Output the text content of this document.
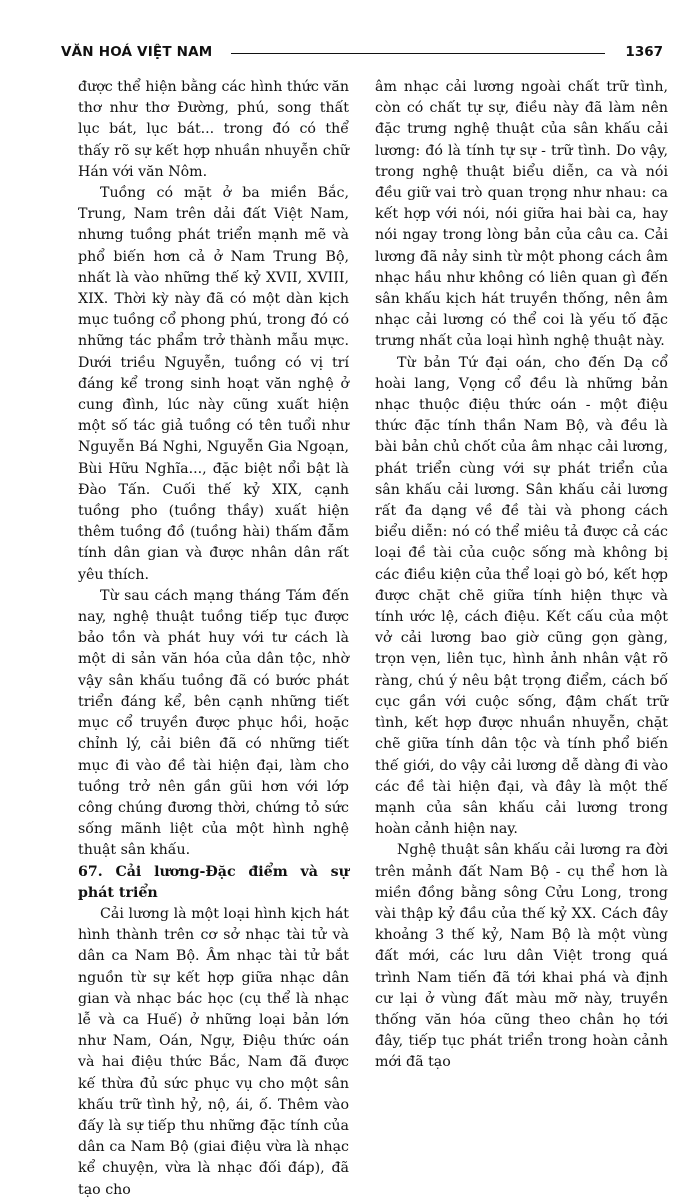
VĂN HOÁ VIỆT NAM	1367

được thể hiện bằng các hình thức văn thơ như thơ Đường, phú, song thất lục bát, lục bát... trong đó có thể thấy rõ sự kết hợp nhuần nhuyễn chữ Hán với văn Nôm.

Tuồng có mặt ở ba miền Bắc, Trung, Nam trên dải đất Việt Nam, nhưng tuồng phát triển mạnh mẽ và phổ biến hơn cả ở Nam Trung Bộ, nhất là vào những thế kỷ XVII, XVIII, XIX. Thời kỳ này đã có một dàn kịch mục tuồng cổ phong phú, trong đó có những tác phẩm trở thành mẫu mực. Dưới triều Nguyễn, tuồng có vị trí đáng kể trong sinh hoạt văn nghệ ở cung đình, lúc này cũng xuất hiện một số tác giả tuồng có tên tuổi như Nguyễn Bá Nghi, Nguyễn Gia Ngoạn, Bùi Hữu Nghĩa..., đặc biệt nổi bật là Đào Tấn. Cuối thế kỷ XIX, cạnh tuồng pho (tuồng thầy) xuất hiện thêm tuồng đồ (tuồng hài) thấm đẫm tính dân gian và được nhân dân rất yêu thích.

Từ sau cách mạng tháng Tám đến nay, nghệ thuật tuồng tiếp tục được bảo tồn và phát huy với tư cách là một di sản văn hóa của dân tộc, nhờ vậy sân khấu tuồng đã có bước phát triển đáng kể, bên cạnh những tiết mục cổ truyền được phục hồi, hoặc chỉnh lý, cải biên đã có những tiết mục đi vào đề tài hiện đại, làm cho tuồng trở nên gần gũi hơn với lớp công chúng đương thời, chứng tỏ sức sống mãnh liệt của một hình nghệ thuật sân khấu.

67. Cải lương-Đặc điểm và sự phát triển

Cải lương là một loại hình kịch hát hình thành trên cơ sở nhạc tài tử và dân ca Nam Bộ. Âm nhạc tài tử bắt nguồn từ sự kết hợp giữa nhạc dân gian và nhạc bác học (cụ thể là nhạc lễ và ca Huế) ở những loại bản lớn như Nam, Oán, Ngự, Điệu thức oán và hai điệu thức Bắc, Nam đã được kế thừa đủ sức phục vụ cho một sân khấu trữ tình hỷ, nộ, ái, ố. Thêm vào đấy là sự tiếp thu những đặc tính của dân ca Nam Bộ (giai điệu vừa là nhạc kể chuyện, vừa là nhạc đối đáp), đã tạo cho

âm nhạc cải lương ngoài chất trữ tình, còn có chất tự sự, điều này đã làm nên đặc trưng nghệ thuật của sân khấu cải lương: đó là tính tự sự - trữ tình. Do vậy, trong nghệ thuật biểu diễn, ca và nói đều giữ vai trò quan trọng như nhau: ca kết hợp với nói, nói giữa hai bài ca, hay nói ngay trong lòng bản của câu ca. Cải lương đã nảy sinh từ một phong cách âm nhạc hầu như không có liên quan gì đến sân khấu kịch hát truyền thống, nên âm nhạc cải lương có thể coi là yếu tố đặc trưng nhất của loại hình nghệ thuật này.

Từ bản Tứ đại oán, cho đến Dạ cổ hoài lang, Vọng cổ đều là những bản nhạc thuộc điệu thức oán - một điệu thức đặc tính thần Nam Bộ, và đều là bài bản chủ chốt của âm nhạc cải lương, phát triển cùng với sự phát triển của sân khấu cải lương. Sân khấu cải lương rất đa dạng về đề tài và phong cách biểu diễn: nó có thể miêu tả được cả các loại đề tài của cuộc sống mà không bị các điều kiện của thể loại gò bó, kết hợp được chặt chẽ giữa tính hiện thực và tính ước lệ, cách điệu. Kết cấu của một vở cải lương bao giờ cũng gọn gàng, trọn vẹn, liên tục, hình ảnh nhân vật rõ ràng, chú ý nêu bật trọng điểm, cách bố cục gần với cuộc sống, đậm chất trữ tình, kết hợp được nhuần nhuyễn, chặt chẽ giữa tính dân tộc và tính phổ biến thế giới, do vậy cải lương dễ dàng đi vào các đề tài hiện đại, và đây là một thế mạnh của sân khấu cải lương trong hoàn cảnh hiện nay.

Nghệ thuật sân khấu cải lương ra đời trên mảnh đất Nam Bộ - cụ thể hơn là miền đồng bằng sông Cửu Long, trong vài thập kỷ đầu của thế kỷ XX. Cách đây khoảng 3 thế kỷ, Nam Bộ là một vùng đất mới, các lưu dân Việt trong quá trình Nam tiến đã tới khai phá và định cư lại ở vùng đất màu mỡ này, truyền thống văn hóa cũng theo chân họ tới đây, tiếp tục phát triển trong hoàn cảnh mới đã tạo
